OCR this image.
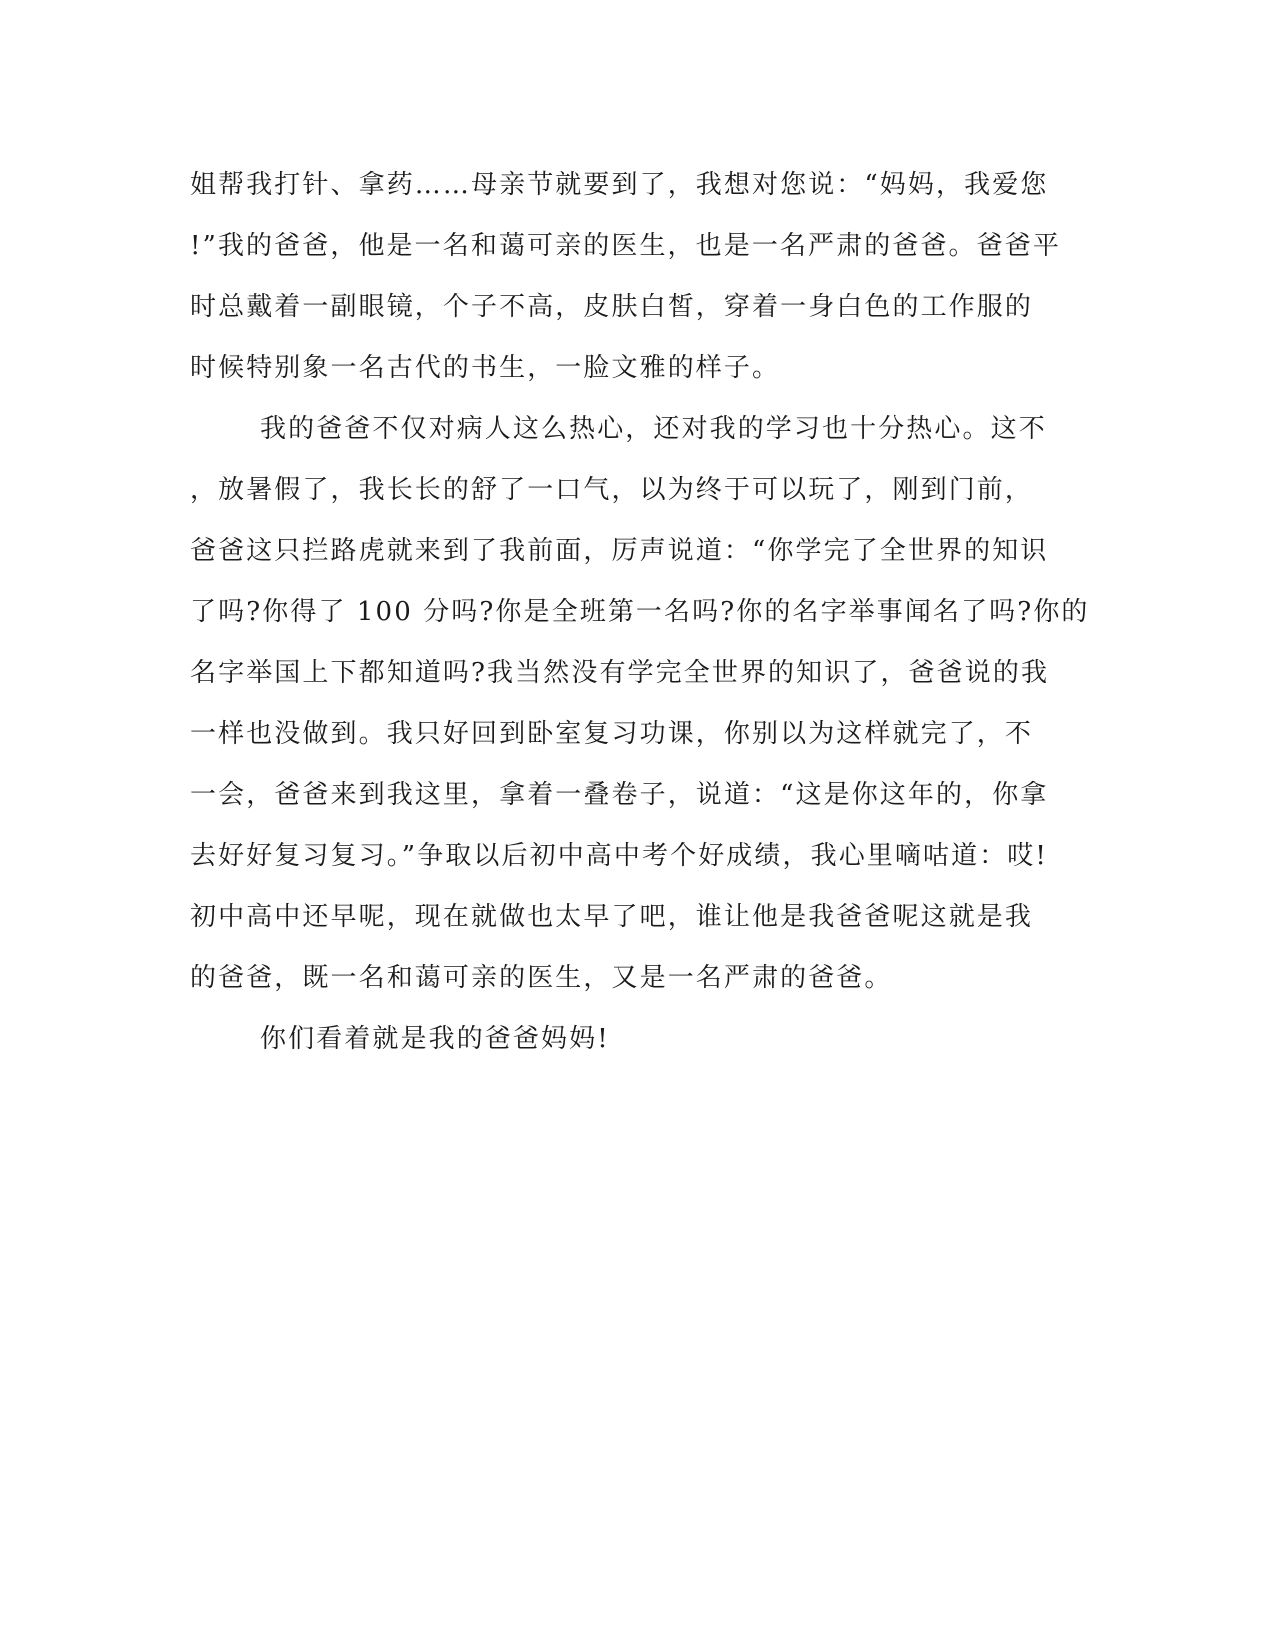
姐帮我打针、拿药……母亲节就要到了，我想对您说：“妈妈，我爱您
!”我的爸爸，他是一名和蔼可亲的医生，也是一名严肃的爸爸。爸爸平
时总戴着一副眼镜，个子不高，皮肤白皙，穿着一身白色的工作服的
时候特别象一名古代的书生，一脸文雅的样子。
我的爸爸不仅对病人这么热心，还对我的学习也十分热心。这不
，放暑假了，我长长的舒了一口气，以为终于可以玩了，刚到门前，
爸爸这只拦路虎就来到了我前面，厉声说道：“你学完了全世界的知识
了吗?你得了 100 分吗?你是全班第一名吗?你的名字举事闻名了吗?你的
名字举国上下都知道吗?我当然没有学完全世界的知识了，爸爸说的我
一样也没做到。我只好回到卧室复习功课，你别以为这样就完了，不
一会，爸爸来到我这里，拿着一叠卷子，说道：“这是你这年的，你拿
去好好复习复习。”争取以后初中高中考个好成绩，我心里嘀咕道：哎!
初中高中还早呢，现在就做也太早了吧，谁让他是我爸爸呢这就是我
的爸爸，既一名和蔼可亲的医生，又是一名严肃的爸爸。
你们看着就是我的爸爸妈妈!
